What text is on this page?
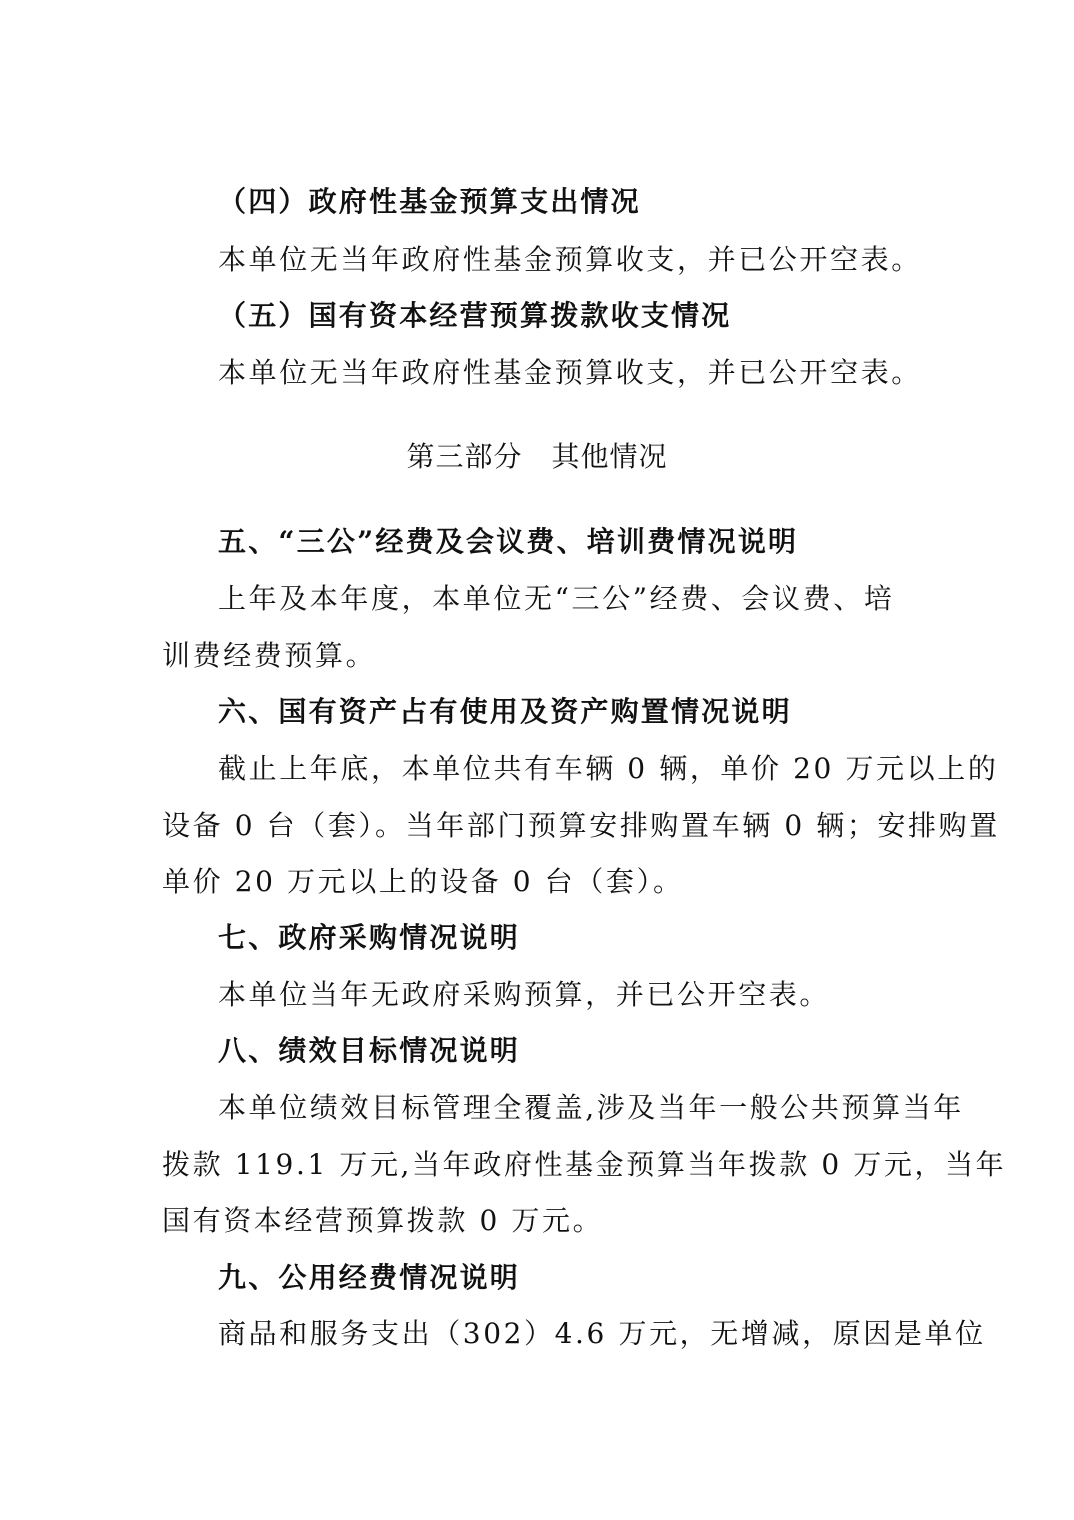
（四）政府性基金预算支出情况
本单位无当年政府性基金预算收支，并已公开空表。
（五）国有资本经营预算拨款收支情况
本单位无当年政府性基金预算收支，并已公开空表。
第三部分　其他情况
五、“三公”经费及会议费、培训费情况说明
上年及本年度，本单位无“三公”经费、会议费、培
训费经费预算。
六、国有资产占有使用及资产购置情况说明
截止上年底，本单位共有车辆 0 辆，单价 20 万元以上的
设备 0 台（套）。当年部门预算安排购置车辆 0 辆；安排购置
单价 20 万元以上的设备 0 台（套）。
七、政府采购情况说明
本单位当年无政府采购预算，并已公开空表。
八、绩效目标情况说明
本单位绩效目标管理全覆盖,涉及当年一般公共预算当年
拨款 119.1 万元,当年政府性基金预算当年拨款 0 万元，当年
国有资本经营预算拨款 0 万元。
九、公用经费情况说明
商品和服务支出（302）4.6 万元，无增减，原因是单位
